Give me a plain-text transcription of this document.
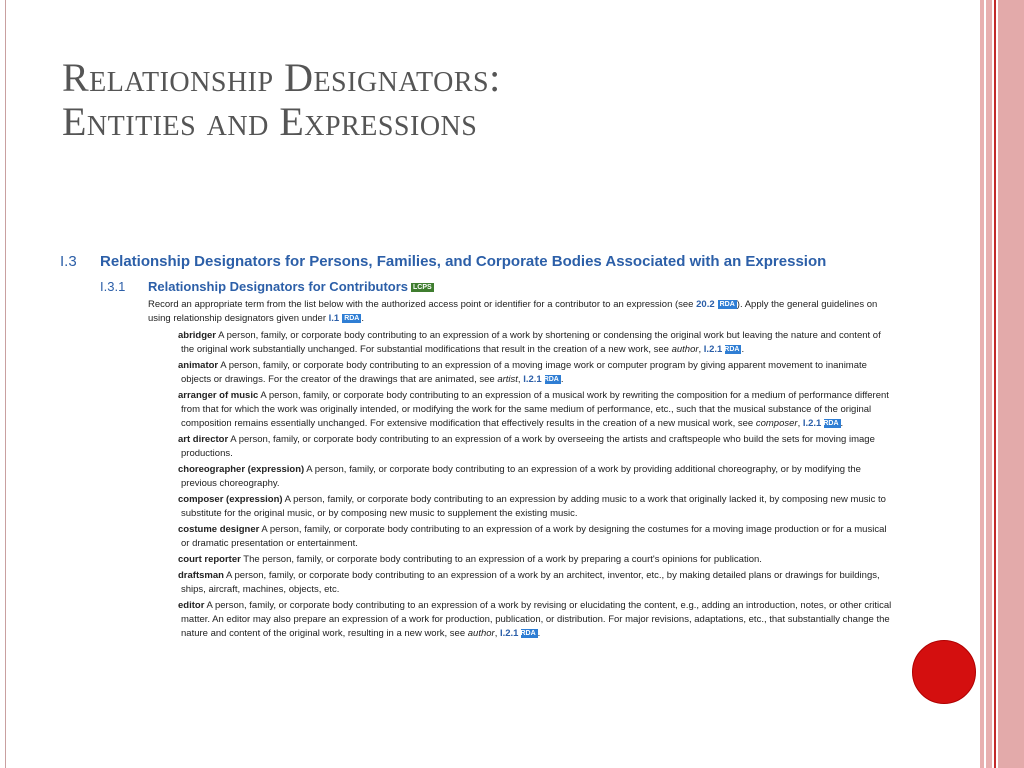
Relationship Designators:
Entities and Expressions
I.3 Relationship Designators for Persons, Families, and Corporate Bodies Associated with an Expression
I.3.1 Relationship Designators for Contributors LCPS
Record an appropriate term from the list below with the authorized access point or identifier for a contributor to an expression (see 20.2 RDA ). Apply the general guidelines on using relationship designators given under I.1 RDA .
abridger A person, family, or corporate body contributing to an expression of a work by shortening or condensing the original work but leaving the nature and content of the original work substantially unchanged. For substantial modifications that result in the creation of a new work, see author, I.2.1 RDA .
animator A person, family, or corporate body contributing to an expression of a moving image work or computer program by giving apparent movement to inanimate objects or drawings. For the creator of the drawings that are animated, see artist, I.2.1 RDA .
arranger of music A person, family, or corporate body contributing to an expression of a musical work by rewriting the composition for a medium of performance different from that for which the work was originally intended, or modifying the work for the same medium of performance, etc., such that the musical substance of the original composition remains essentially unchanged. For extensive modification that effectively results in the creation of a new musical work, see composer, I.2.1 RDA .
art director A person, family, or corporate body contributing to an expression of a work by overseeing the artists and craftspeople who build the sets for moving image productions.
choreographer (expression) A person, family, or corporate body contributing to an expression of a work by providing additional choreography, or by modifying the previous choreography.
composer (expression) A person, family, or corporate body contributing to an expression by adding music to a work that originally lacked it, by composing new music to substitute for the original music, or by composing new music to supplement the existing music.
costume designer A person, family, or corporate body contributing to an expression of a work by designing the costumes for a moving image production or for a musical or dramatic presentation or entertainment.
court reporter The person, family, or corporate body contributing to an expression of a work by preparing a court's opinions for publication.
draftsman A person, family, or corporate body contributing to an expression of a work by an architect, inventor, etc., by making detailed plans or drawings for buildings, ships, aircraft, machines, objects, etc.
editor A person, family, or corporate body contributing to an expression of a work by revising or elucidating the content, e.g., adding an introduction, notes, or other critical matter. An editor may also prepare an expression of a work for production, publication, or distribution. For major revisions, adaptations, etc., that substantially change the nature and content of the original work, resulting in a new work, see author, I.2.1 RDA .
